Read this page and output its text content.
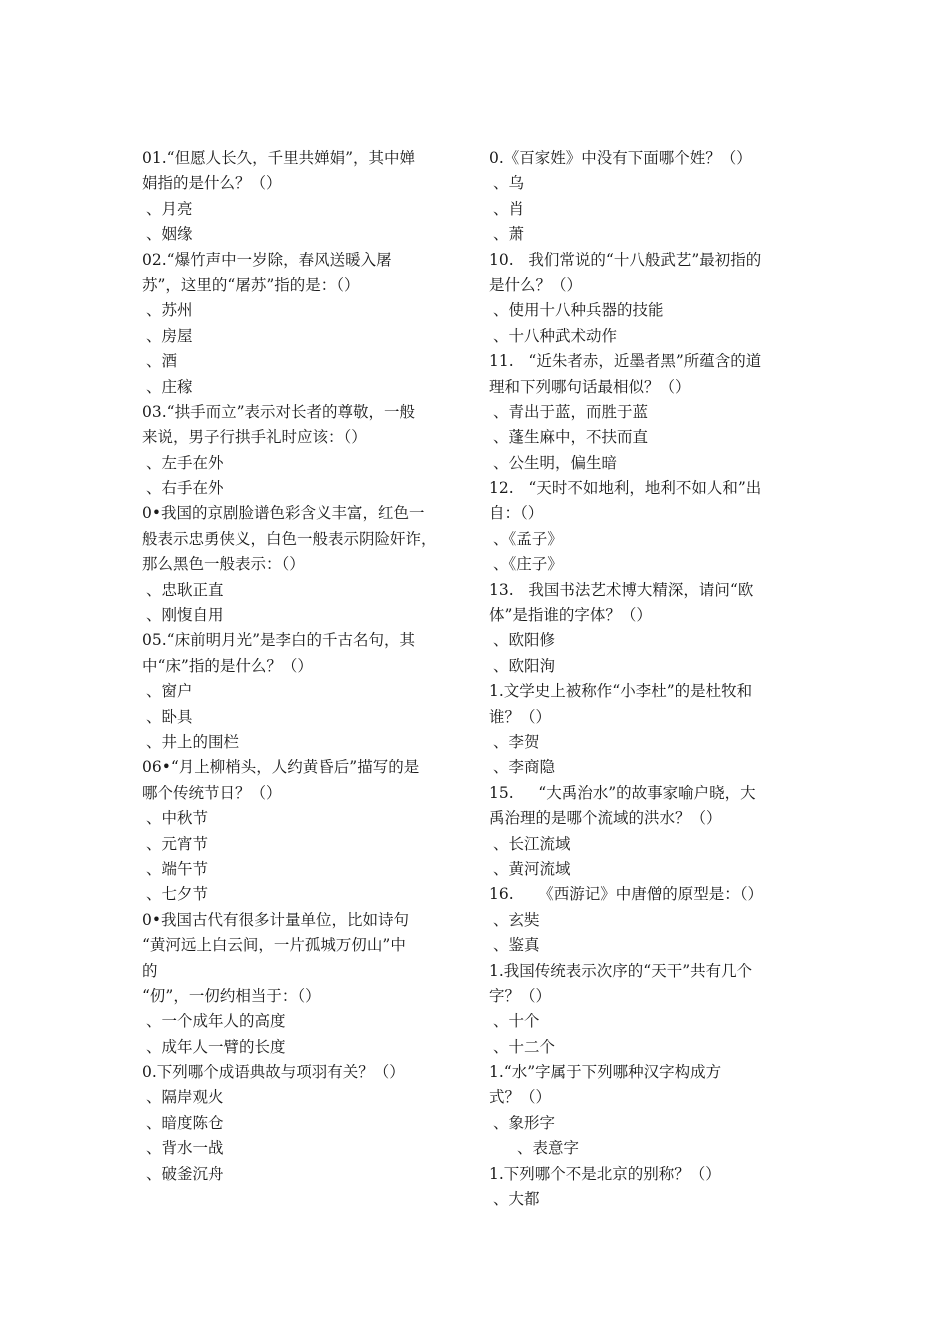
01.“但愿人长久，千里共婵娟”，其中婵
娟指的是什么？（）
、月亮
、姻缘
02.“爆竹声中一岁除，春风送暖入屠
苏”，这里的“屠苏”指的是：（）
、苏州
、房屋
、酒
、庄稼
03.“拱手而立”表示对长者的尊敬，一般
来说，男子行拱手礼时应该：（）
、左手在外
、右手在外
0•我国的京剧脸谱色彩含义丰富，红色一
般表示忠勇侠义，白色一般表示阴险奸诈，
那么黑色一般表示：（）
、忠耿正直
、刚愎自用
05.“床前明月光”是李白的千古名句，其
中“床”指的是什么？（）
、窗户
、卧具
、井上的围栏
06•“月上柳梢头，人约黄昏后”描写的是
哪个传统节日？（）
、中秋节
、元宵节
、端午节
、七夕节
0•我国古代有很多计量单位，比如诗句
“黄河远上白云间，一片孤城万仞山”中
的
“仞”，一仞约相当于：（）
、一个成年人的高度
、成年人一臂的长度
0.下列哪个成语典故与项羽有关？（）
、隔岸观火
、暗度陈仓
、背水一战
、破釜沉舟
0.《百家姓》中没有下面哪个姓？（）
、乌
、肖
、萧
10.   我们常说的“十八般武艺”最初指的
是什么？（）
、使用十八种兵器的技能
、十八种武术动作
11.   “近朱者赤，近墨者黑”所蕴含的道
理和下列哪句话最相似？（）
、青出于蓝，而胜于蓝
、蓬生麻中，不扶而直
、公生明，偏生暗
12.   “天时不如地利，地利不如人和”出
自：（）
、《孟子》
、《庄子》
13.   我国书法艺术博大精深，请问“欧
体”是指谁的字体？（）
、欧阳修
、欧阳洵
1.文学史上被称作“小李杜”的是杜牧和
谁？（）
、李贺
、李商隐
15.     “大禹治水”的故事家喻户晓，大
禹治理的是哪个流域的洪水？（）
、长江流域
、黄河流域
16.     《西游记》中唐僧的原型是：（）
、玄奘
、鉴真
1.我国传统表示次序的“天干”共有几个
字？（）
、十个
、十二个
1.“水”字属于下列哪种汉字构成方
式？（）
、象形字
、表意字
1.下列哪个不是北京的别称？（）
、大都
